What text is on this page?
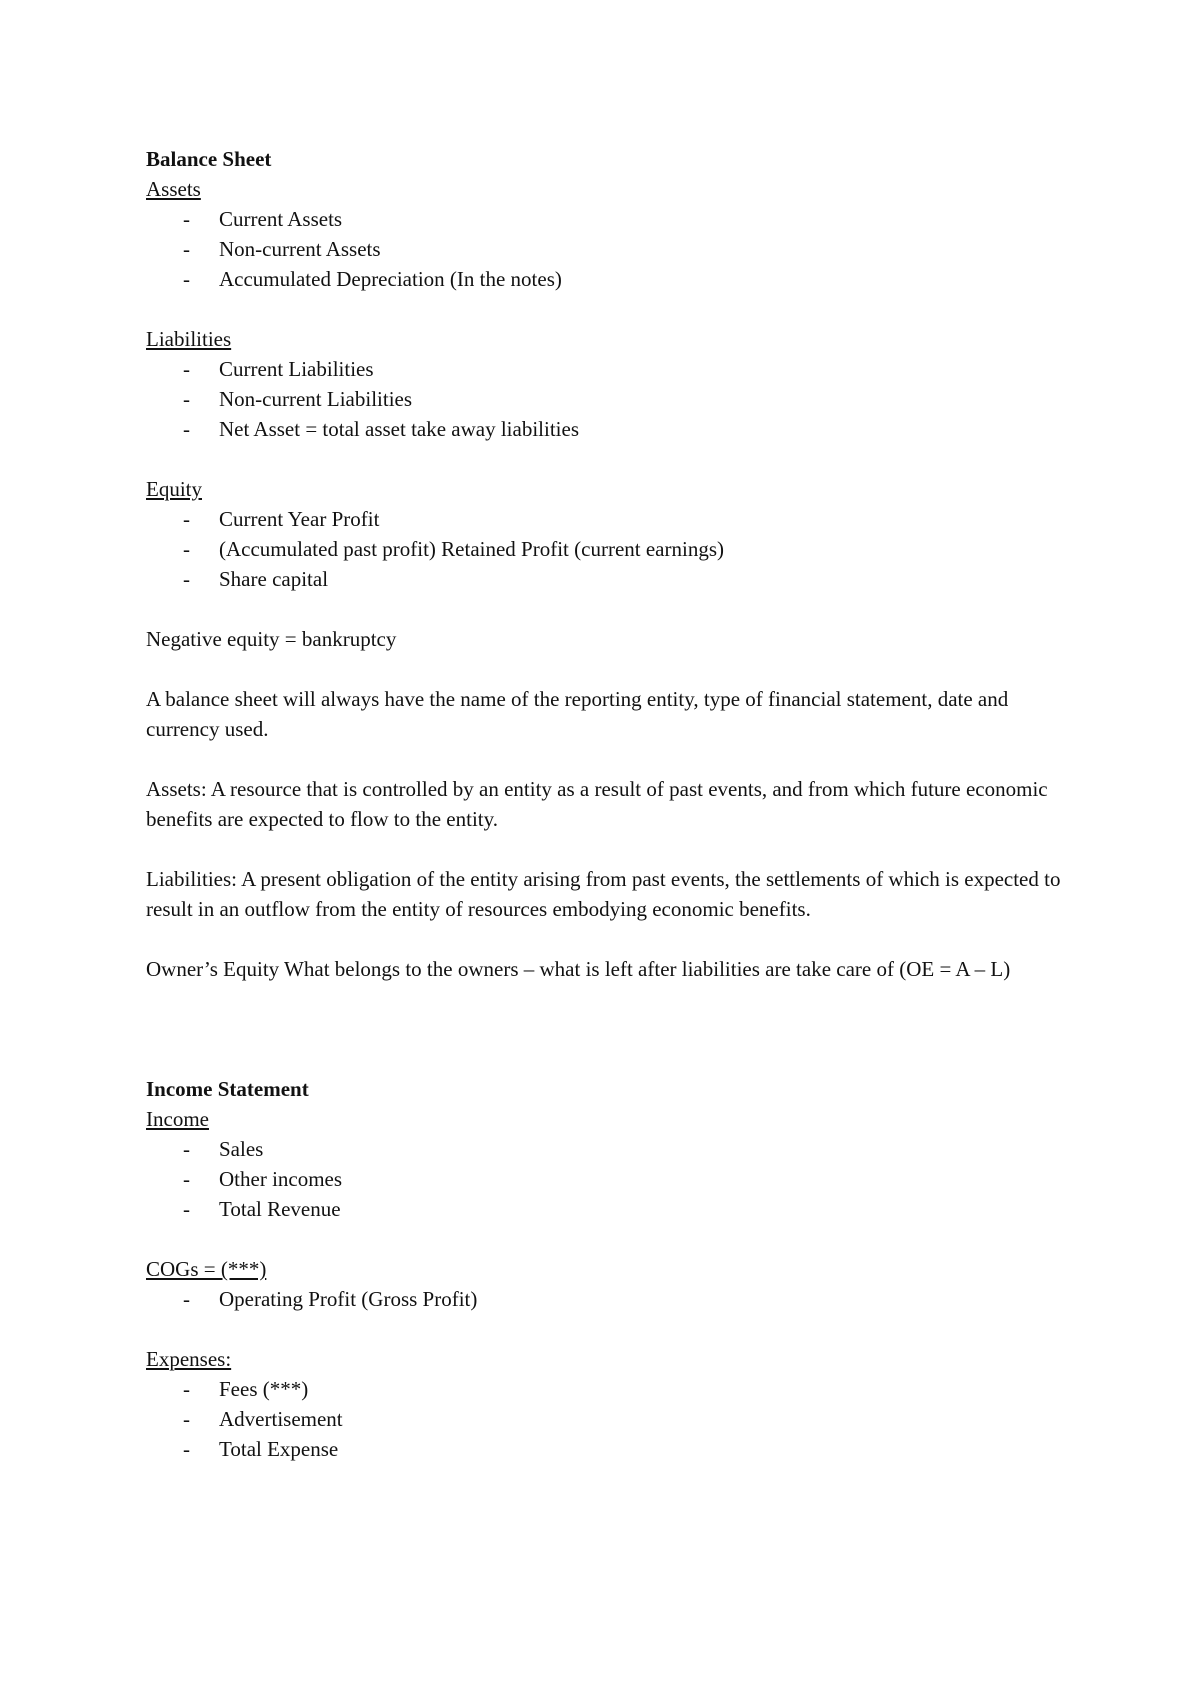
Balance Sheet

Assets

- Current Assets
- Non-current Assets
- Accumulated Depreciation (In the notes)

Liabilities

- Current Liabilities
- Non-current Liabilities
- Net Asset = total asset take away liabilities

Equity

- Current Year Profit
- (Accumulated past profit) Retained Profit (current earnings)
- Share capital

Negative equity = bankruptcy

A balance sheet will always have the name of the reporting entity, type of financial statement, date and currency used.

Assets: A resource that is controlled by an entity as a result of past events, and from which future economic benefits are expected to flow to the entity.

Liabilities: A present obligation of the entity arising from past events, the settlements of which is expected to result in an outflow from the entity of resources embodying economic benefits.

Owner’s Equity What belongs to the owners – what is left after liabilities are take care of (OE = A – L)

Income Statement

Income

- Sales
- Other incomes
- Total Revenue

COGs = (***)

- Operating Profit (Gross Profit)

Expenses:

- Fees (***)
- Advertisement
- Total Expense
